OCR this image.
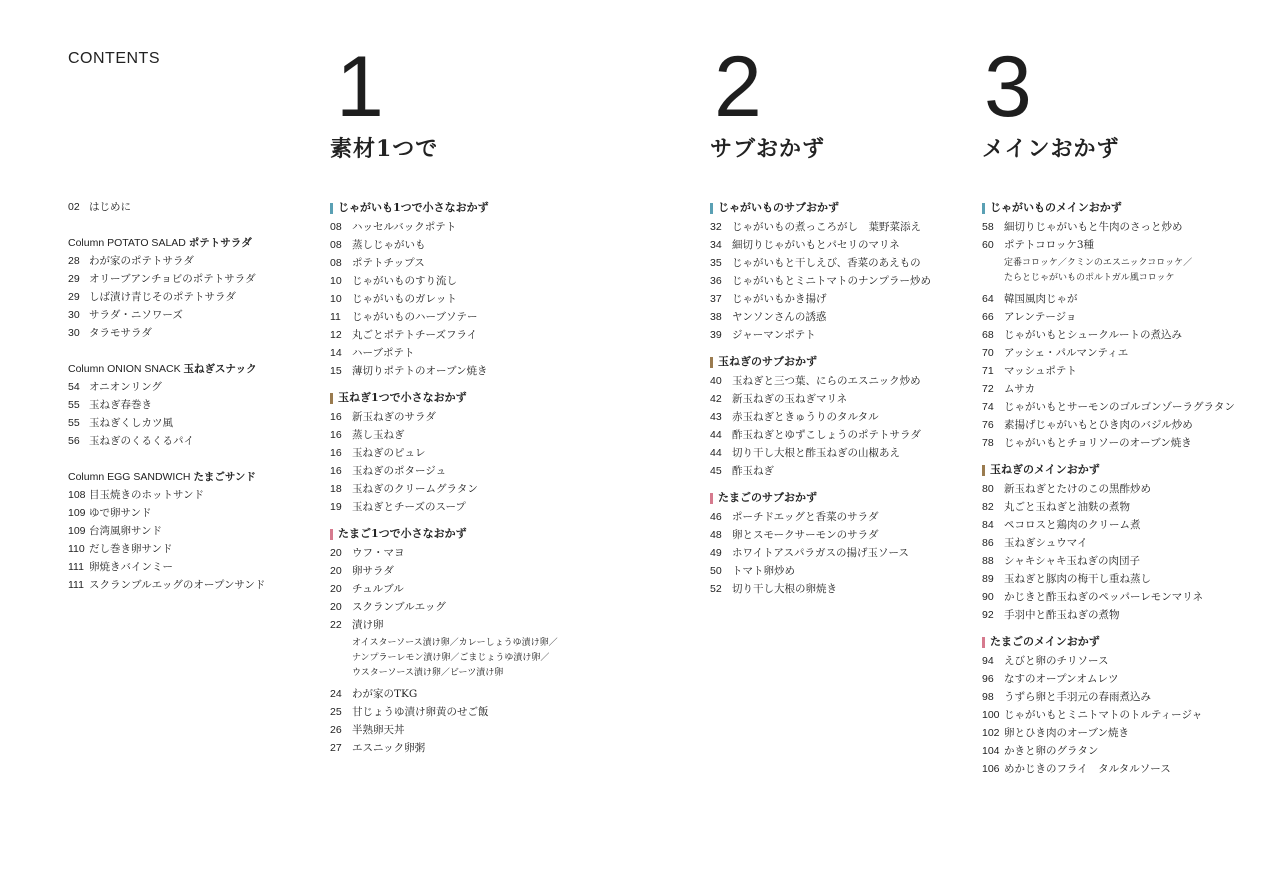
CONTENTS 1
素材1つで
2
サブおかず
3
メインおかず
02 はじめに
Column POTATO SALAD ポテトサラダ
28 わが家のポテトサラダ
29 オリーブアンチョビのポテトサラダ
29 しば漬け青じそのポテトサラダ
30 サラダ・ニソワーズ
30 タラモサラダ
Column ONION SNACK 玉ねぎスナック
54 オニオンリング
55 玉ねぎ春巻き
55 玉ねぎくしカツ風
56 玉ねぎのくるくるパイ
Column EGG SANDWICH たまごサンド
108 目玉焼きのホットサンド
109 ゆで卵サンド
109 台湾風卵サンド
110 だし巻き卵サンド
111 卵焼きバインミー
111 スクランブルエッグのオープンサンド
じゃがいも1つで小さなおかず
08 ハッセルバックポテト
08 蒸しじゃがいも
08 ポテトチップス
10 じゃがいものすり流し
10 じゃがいものガレット
11 じゃがいものハーブソテー
12 丸ごとポテトチーズフライ
14 ハーブポテト
15 薄切りポテトのオーブン焼き
玉ねぎ1つで小さなおかず
16 新玉ねぎのサラダ
16 蒸し玉ねぎ
16 玉ねぎのピュレ
16 玉ねぎのポタージュ
18 玉ねぎのクリームグラタン
19 玉ねぎとチーズのスープ
たまご1つで小さなおかず
20 ウフ・マヨ
20 卵サラダ
20 チュルブル
20 スクランブルエッグ
22 漬け卵
オイスターソース漬け卵／カレーしょうゆ漬け卵／
ナンプラーレモン漬け卵／ごまじょうゆ漬け卵／
ウスターソース漬け卵／ビーツ漬け卵
24 わが家のTKG
25 甘じょうゆ漬け卵黄のせご飯
26 半熟卵天丼
27 エスニック卵粥
じゃがいものサブおかず
32 じゃがいもの煮っころがし　葉野菜添え
34 細切りじゃがいもとパセリのマリネ
35 じゃがいもと干しえび、香菜のあえもの
36 じゃがいもとミニトマトのナンプラー炒め
37 じゃがいもかき揚げ
38 ヤンソンさんの誘惑
39 ジャーマンポテト
玉ねぎのサブおかず
40 玉ねぎと三つ葉、にらのエスニック炒め
42 新玉ねぎの玉ねぎマリネ
43 赤玉ねぎときゅうりのタルタル
44 酢玉ねぎとゆずこしょうのポテトサラダ
44 切り干し大根と酢玉ねぎの山椒あえ
45 酢玉ねぎ
たまごのサブおかず
46 ポーチドエッグと香菜のサラダ
48 卵とスモークサーモンのサラダ
49 ホワイトアスパラガスの揚げ玉ソース
50 トマト卵炒め
52 切り干し大根の卵焼き
じゃがいものメインおかず
58 細切りじゃがいもと牛肉のさっと炒め
60 ポテトコロッケ3種
定番コロッケ／クミンのエスニックコロッケ／
たらとじゃがいものポルトガル風コロッケ
64 韓国風肉じゃが
66 アレンテージョ
68 じゃがいもとシュークルートの煮込み
70 アッシェ・パルマンティエ
71 マッシュポテト
72 ムサカ
74 じゃがいもとサーモンのゴルゴンゾーラグラタン
76 素揚げじゃがいもとひき肉のバジル炒め
78 じゃがいもとチョリソーのオーブン焼き
玉ねぎのメインおかず
80 新玉ねぎとたけのこの黒酢炒め
82 丸ごと玉ねぎと油麩の煮物
84 ペコロスと鶏肉のクリーム煮
86 玉ねぎシュウマイ
88 シャキシャキ玉ねぎの肉団子
89 玉ねぎと豚肉の梅干し重ね蒸し
90 かじきと酢玉ねぎのペッパーレモンマリネ
92 手羽中と酢玉ねぎの煮物
たまごのメインおかず
94 えびと卵のチリソース
96 なすのオープンオムレツ
98 うずら卵と手羽元の春雨煮込み
100 じゃがいもとミニトマトのトルティージャ
102 卵とひき肉のオーブン焼き
104 かきと卵のグラタン
106 めかじきのフライ　タルタルソース
